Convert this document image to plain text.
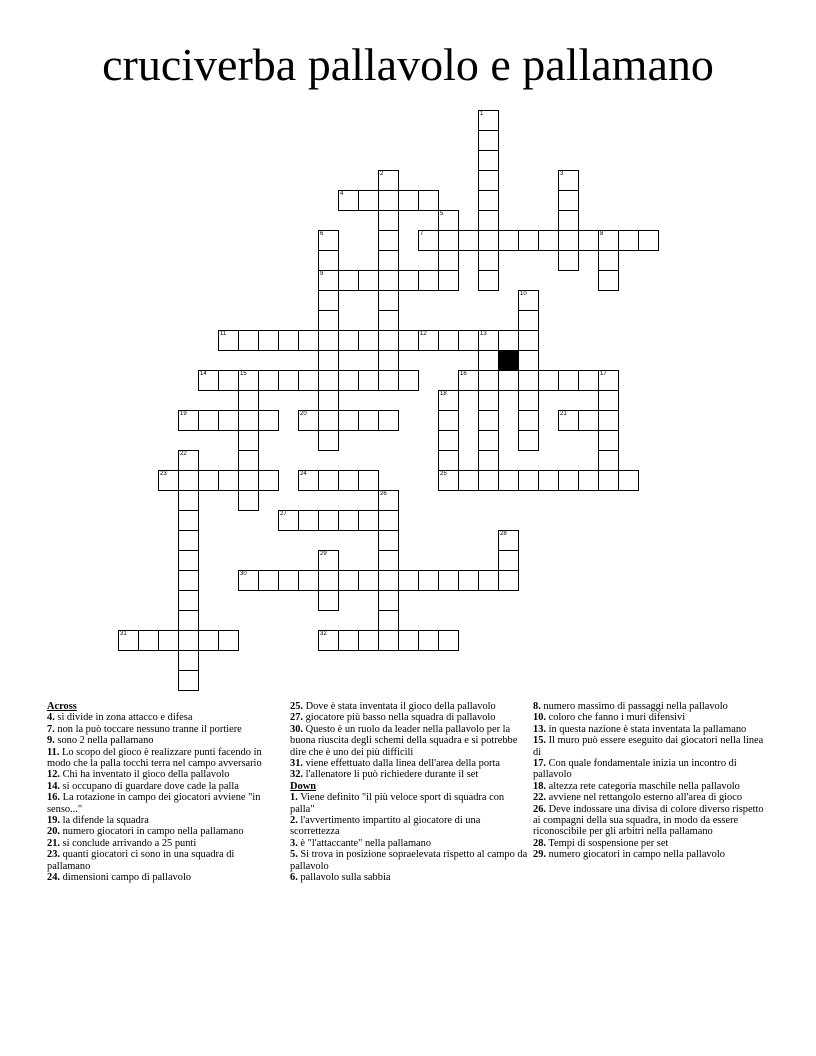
cruciverba pallavolo e pallamano
4
7	8
9
11	12	13
14	15	16
19	20	21
23	24	25
27
30
31	32
1
2	3
5
6
10
17
18
22
26
28
29
Across
4. si divide in zona attacco e difesa
7. non la può toccare nessuno tranne il portiere
9. sono 2 nella pallamano
11. Lo scopo del gioco è realizzare punti facendo in modo che la palla tocchi terra nel campo avversario
12. Chi ha inventato il gioco della pallavolo
14. si occupano di guardare dove cade la palla
16. La rotazione in campo dei giocatori avviene "in senso..."
19. la difende la squadra
20. numero giocatori in campo nella pallamano
21. si conclude arrivando a 25 punti
23. quanti giocatori ci sono in una squadra di pallamano
24. dimensioni campo di pallavolo
25. Dove è stata inventata il gioco della pallavolo
27. giocatore più basso nella squadra di pallavolo
30. Questo è un ruolo da leader nella pallavolo per la buona riuscita degli schemi della squadra e si potrebbe dire che è uno dei più difficili
31. viene effettuato dalla linea dell'area della porta
32. l'allenatore li può richiedere durante il set
Down
1. Viene definito "il più veloce sport di squadra con palla"
2. l'avvertimento impartito al giocatore di una scorrettezza
3. è "l'attaccante" nella pallamano
5. Si trova in posizione sopraelevata rispetto al campo da pallavolo
6. pallavolo sulla sabbia
8. numero massimo di passaggi nella pallavolo
10. coloro che fanno i muri difensivi
13. in questa nazione è stata inventata la pallamano
15. Il muro può essere eseguito dai giocatori nella linea di
17. Con quale fondamentale inizia un incontro di pallavolo
18. altezza rete categoria maschile nella pallavolo
22. avviene nel rettangolo esterno all'area di gioco
26. Deve indossare una divisa di colore diverso rispetto ai compagni della sua squadra, in modo da essere riconoscibile per gli arbitri nella pallamano
28. Tempi di sospensione per set
29. numero giocatori in campo nella pallavolo
